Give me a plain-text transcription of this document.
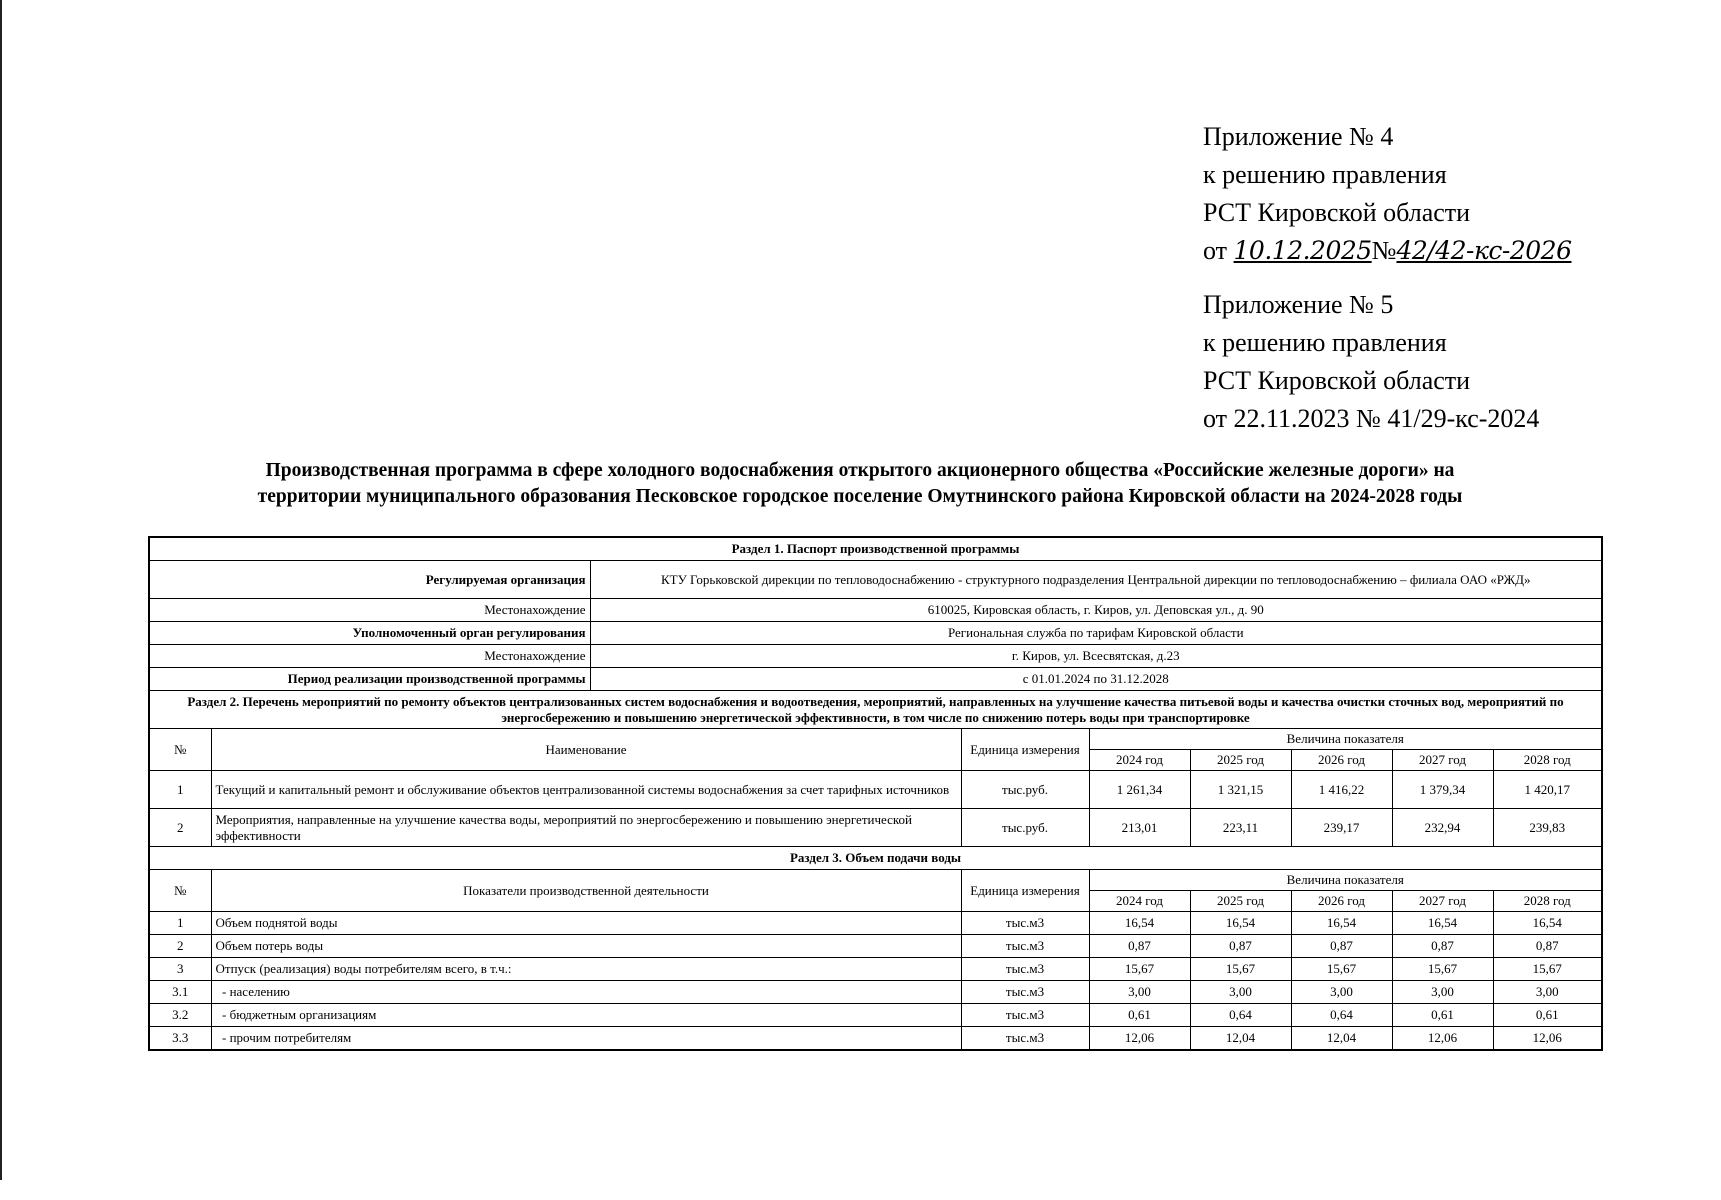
Приложение № 4
к решению правления
РСТ Кировской области
от 10.12.2025№42/42-кс-2026
Приложение № 5
к решению правления
РСТ Кировской области
от 22.11.2023 № 41/29-кс-2024
Производственная программа в сфере холодного водоснабжения открытого акционерного общества «Российские железные дороги» на
территории муниципального образования Песковское городское поселение Омутнинского района Кировской области на 2024-2028 годы
Раздел 1. Паспорт производственной программы								
Регулируемая организация		КТУ Горьковской дирекции по тепловодоснабжению - структурного подразделения Центральной дирекции по тепловодоснабжению – филиала ОАО «РЖД»						
Местонахождение		610025, Кировская область, г. Киров, ул. Деповская ул., д. 90						
Уполномоченный орган регулирования		Региональная служба по тарифам Кировской области						
Местонахождение		г. Киров, ул. Всесвятская, д.23						
Период реализации производственной программы		с 01.01.2024 по 31.12.2028						
Раздел 2. Перечень мероприятий по ремонту объектов централизованных систем водоснабжения и водоотведения, мероприятий, направленных на улучшение качества питьевой воды и качества очистки сточных вод, мероприятий по энергосбережению и повышению энергетической эффективности, в том числе по снижению потерь воды при транспортировке								
№	Наименование		Единица измерения	Величина показателя				
				2024 год	2025 год	2026 год	2027 год	2028 год
1	Текущий и капитальный ремонт и обслуживание объектов централизованной системы водоснабжения за счет тарифных источников		тыс.руб.	1 261,34	1 321,15	1 416,22	1 379,34	1 420,17
2	Мероприятия, направленные на улучшение качества воды, мероприятий по энергосбережению и повышению энергетической эффективности		тыс.руб.	213,01	223,11	239,17	232,94	239,83
Раздел 3. Объем подачи воды								
№	Показатели производственной деятельности		Единица измерения	Величина показателя				
				2024 год	2025 год	2026 год	2027 год	2028 год
1	Объем поднятой воды		тыс.м3	16,54	16,54	16,54	16,54	16,54
2	Объем потерь воды		тыс.м3	0,87	0,87	0,87	0,87	0,87
3	Отпуск (реализация) воды потребителям всего, в т.ч.:		тыс.м3	15,67	15,67	15,67	15,67	15,67
3.1	- населению		тыс.м3	3,00	3,00	3,00	3,00	3,00
3.2	- бюджетным организациям		тыс.м3	0,61	0,64	0,64	0,61	0,61
3.3	- прочим потребителям		тыс.м3	12,06	12,04	12,04	12,06	12,06
